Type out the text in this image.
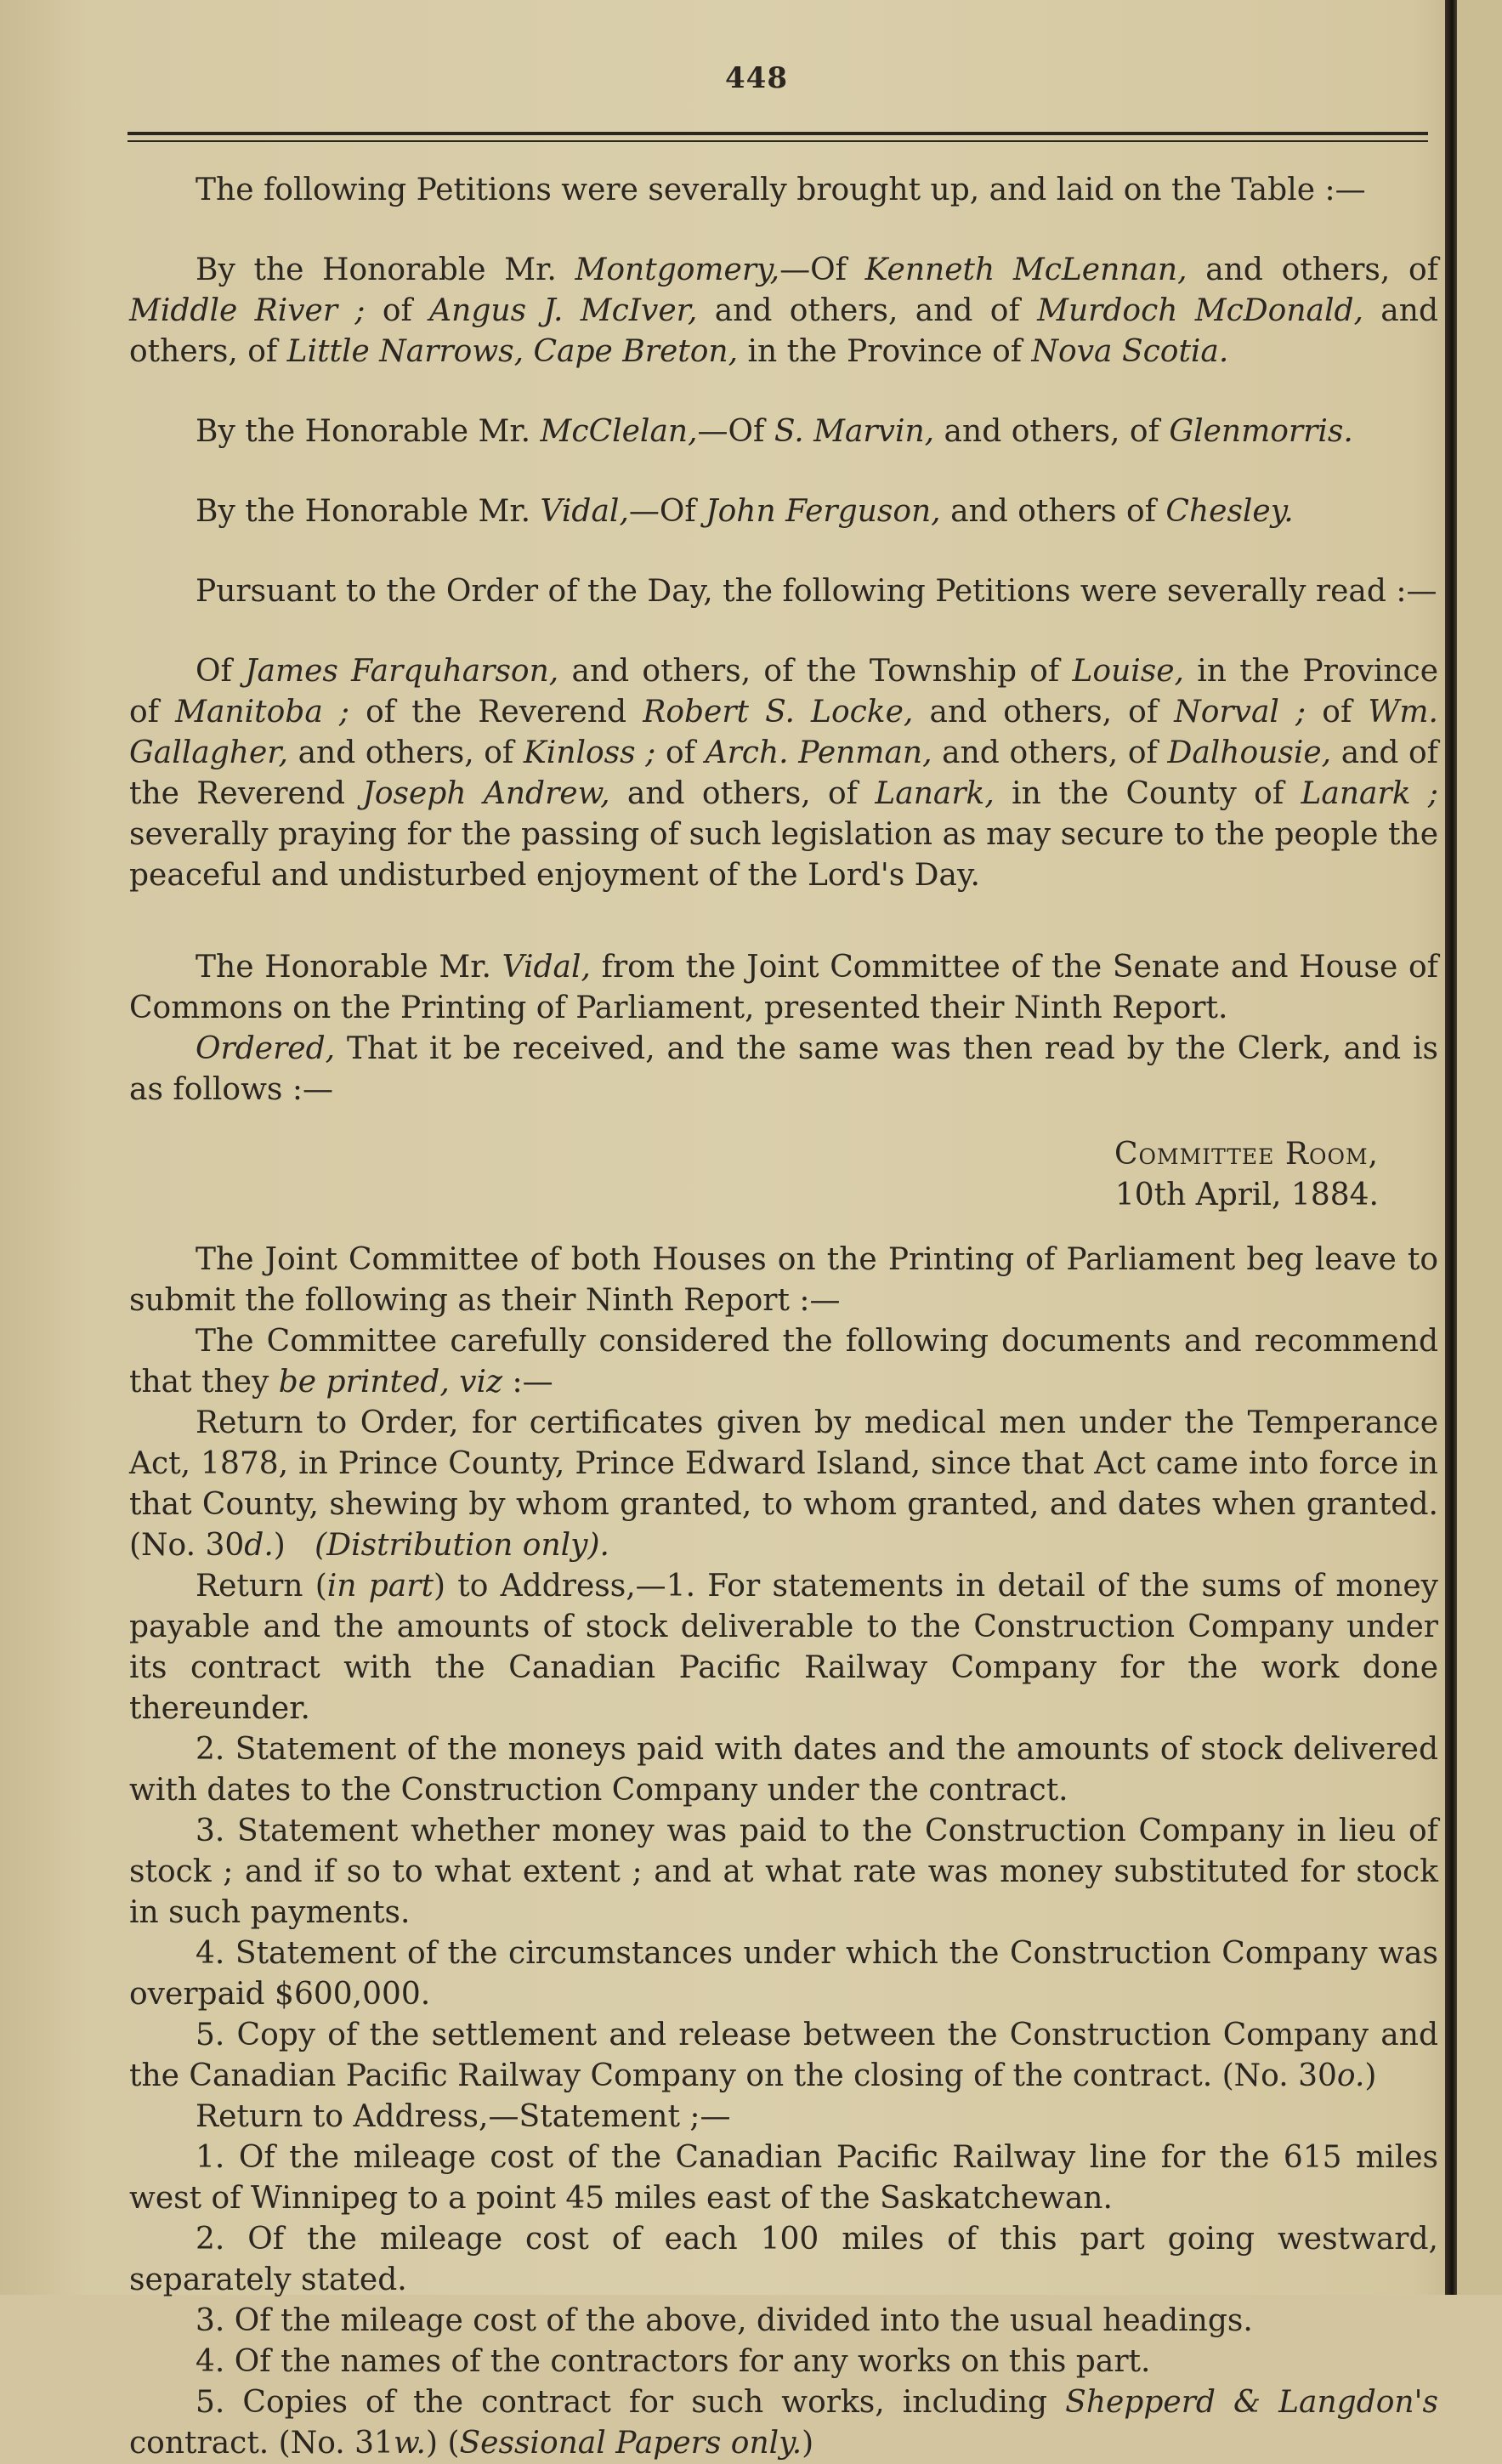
448

The following Petitions were severally brought up, and laid on the Table :—

By the Honorable Mr. Montgomery,—Of Kenneth McLennan, and others, of Middle River ; of Angus J. McIver, and others, and of Murdoch McDonald, and others, of Little Narrows, Cape Breton, in the Province of Nova Scotia.

By the Honorable Mr. McClelan,—Of S. Marvin, and others, of Glenmorris.

By the Honorable Mr. Vidal,—Of John Ferguson, and others of Chesley.

Pursuant to the Order of the Day, the following Petitions were severally read :—

Of James Farquharson, and others, of the Township of Louise, in the Province of Manitoba ; of the Reverend Robert S. Locke, and others, of Norval ; of Wm. Gallagher, and others, of Kinloss ; of Arch. Penman, and others, of Dalhousie, and of the Reverend Joseph Andrew, and others, of Lanark, in the County of Lanark ; severally praying for the passing of such legislation as may secure to the people the peaceful and undisturbed enjoyment of the Lord's Day.

The Honorable Mr. Vidal, from the Joint Committee of the Senate and House of Commons on the Printing of Parliament, presented their Ninth Report.

Ordered, That it be received, and the same was then read by the Clerk, and is as follows :—

Committee Room,

10th April, 1884.

The Joint Committee of both Houses on the Printing of Parliament beg leave to submit the following as their Ninth Report :—

The Committee carefully considered the following documents and recommend that they be printed, viz :—

Return to Order, for certificates given by medical men under the Temperance Act, 1878, in Prince County, Prince Edward Island, since that Act came into force in that County, shewing by whom granted, to whom granted, and dates when granted. (No. 30d.) (Distribution only).

Return (in part) to Address,—1. For statements in detail of the sums of money payable and the amounts of stock deliverable to the Construction Company under its contract with the Canadian Pacific Railway Company for the work done thereunder.

2. Statement of the moneys paid with dates and the amounts of stock delivered with dates to the Construction Company under the contract.

3. Statement whether money was paid to the Construction Company in lieu of stock ; and if so to what extent ; and at what rate was money substituted for stock in such payments.

4. Statement of the circumstances under which the Construction Company was overpaid $600,000.

5. Copy of the settlement and release between the Construction Company and the Canadian Pacific Railway Company on the closing of the contract. (No. 30o.)

Return to Address,—Statement ;—

1. Of the mileage cost of the Canadian Pacific Railway line for the 615 miles west of Winnipeg to a point 45 miles east of the Saskatchewan.

2. Of the mileage cost of each 100 miles of this part going westward, separately stated.

3. Of the mileage cost of the above, divided into the usual headings.

4. Of the names of the contractors for any works on this part.

5. Copies of the contract for such works, including Shepperd & Langdon's contract. (No. 31w.) (Sessional Papers only.)
